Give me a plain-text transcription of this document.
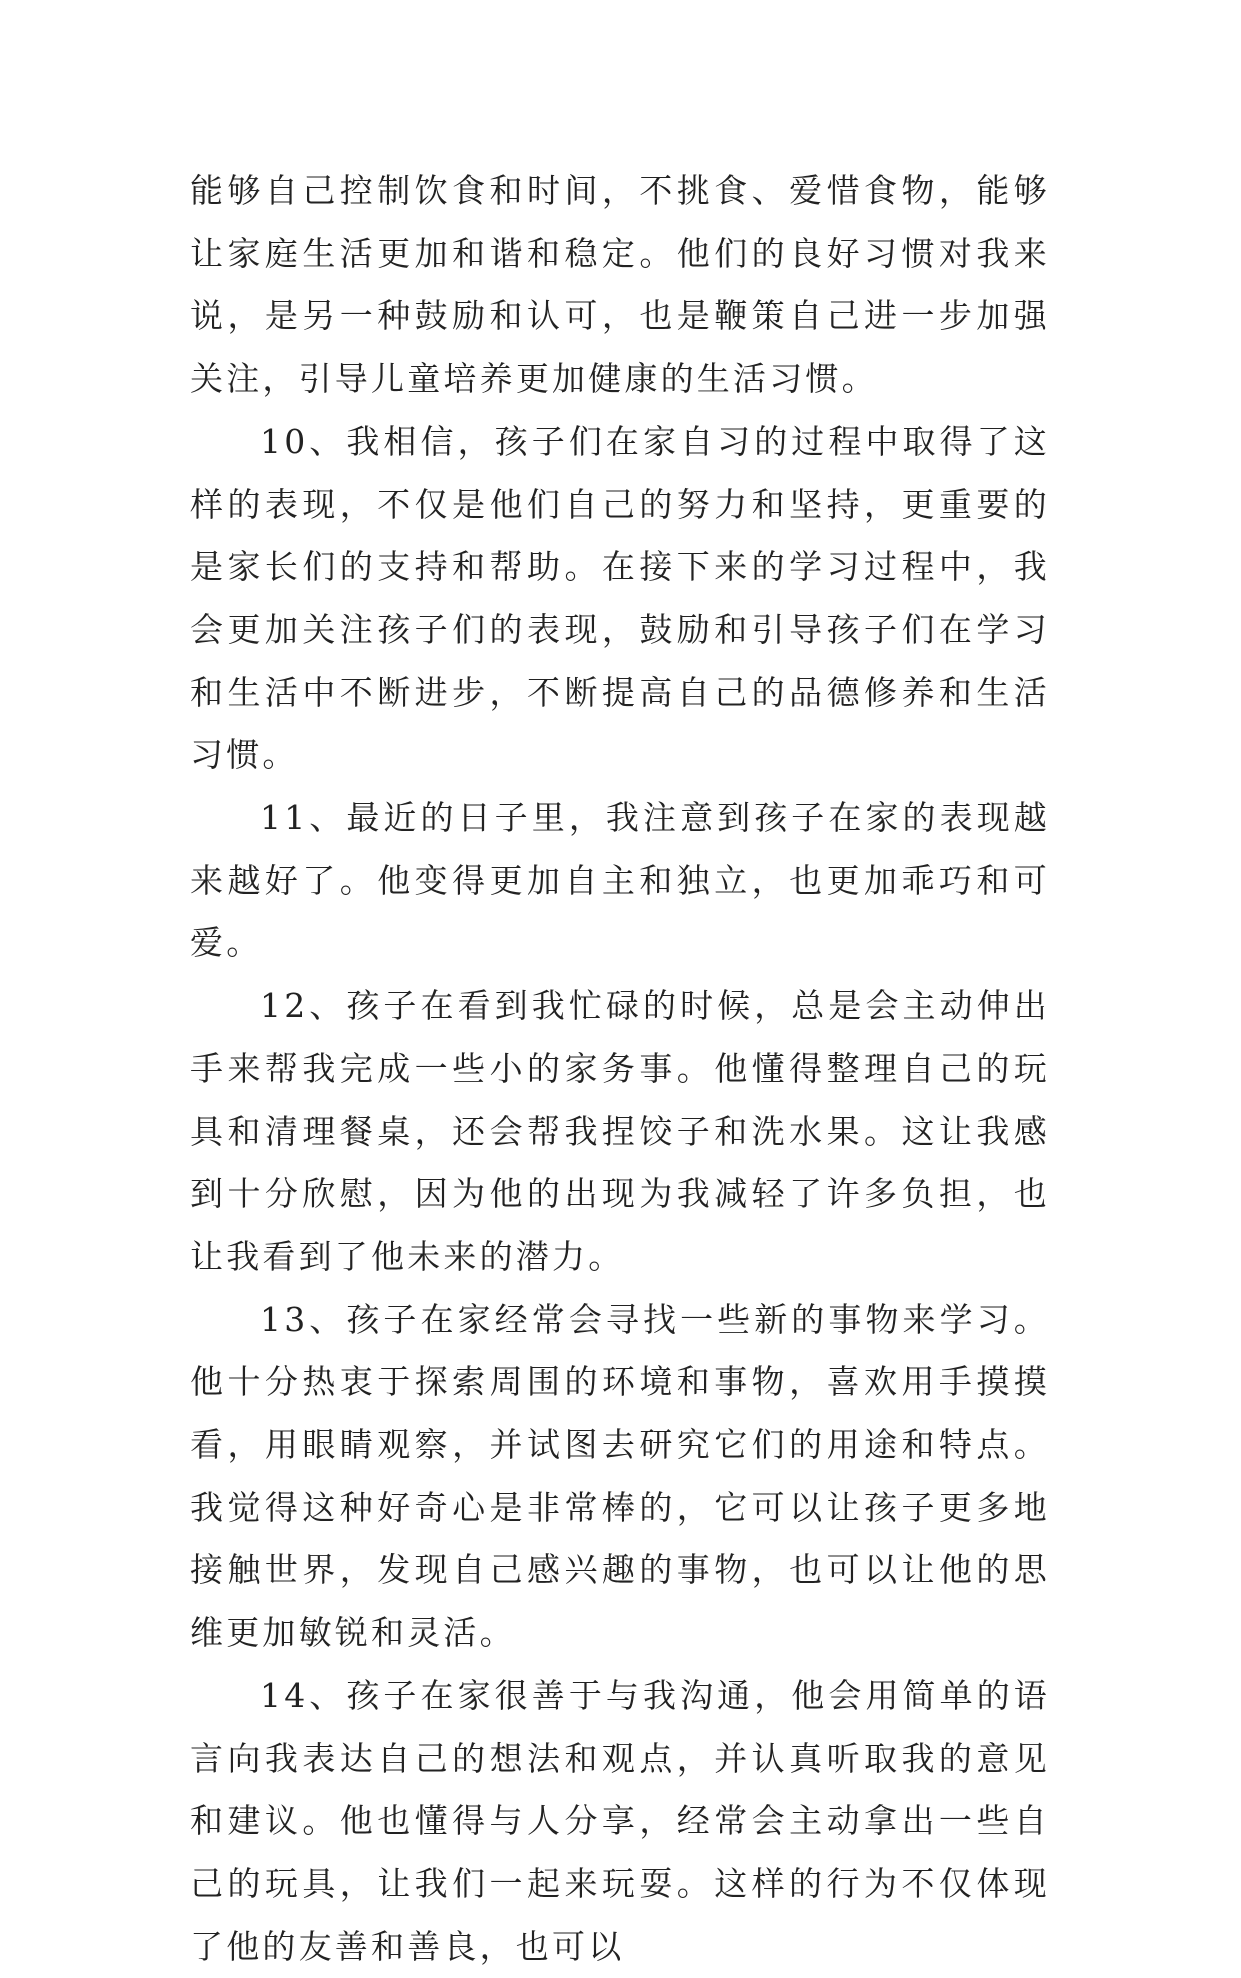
能够自己控制饮食和时间，不挑食、爱惜食物，能够让家庭生活更加和谐和稳定。他们的良好习惯对我来说，是另一种鼓励和认可，也是鞭策自己进一步加强关注，引导儿童培养更加健康的生活习惯。
10、我相信，孩子们在家自习的过程中取得了这样的表现，不仅是他们自己的努力和坚持，更重要的是家长们的支持和帮助。在接下来的学习过程中，我会更加关注孩子们的表现，鼓励和引导孩子们在学习和生活中不断进步，不断提高自己的品德修养和生活习惯。
11、最近的日子里，我注意到孩子在家的表现越来越好了。他变得更加自主和独立，也更加乖巧和可爱。
12、孩子在看到我忙碌的时候，总是会主动伸出手来帮我完成一些小的家务事。他懂得整理自己的玩具和清理餐桌，还会帮我捏饺子和洗水果。这让我感到十分欣慰，因为他的出现为我减轻了许多负担，也让我看到了他未来的潜力。
13、孩子在家经常会寻找一些新的事物来学习。他十分热衷于探索周围的环境和事物，喜欢用手摸摸看，用眼睛观察，并试图去研究它们的用途和特点。我觉得这种好奇心是非常棒的，它可以让孩子更多地接触世界，发现自己感兴趣的事物，也可以让他的思维更加敏锐和灵活。
14、孩子在家很善于与我沟通，他会用简单的语言向我表达自己的想法和观点，并认真听取我的意见和建议。他也懂得与人分享，经常会主动拿出一些自己的玩具，让我们一起来玩耍。这样的行为不仅体现了他的友善和善良，也可以
